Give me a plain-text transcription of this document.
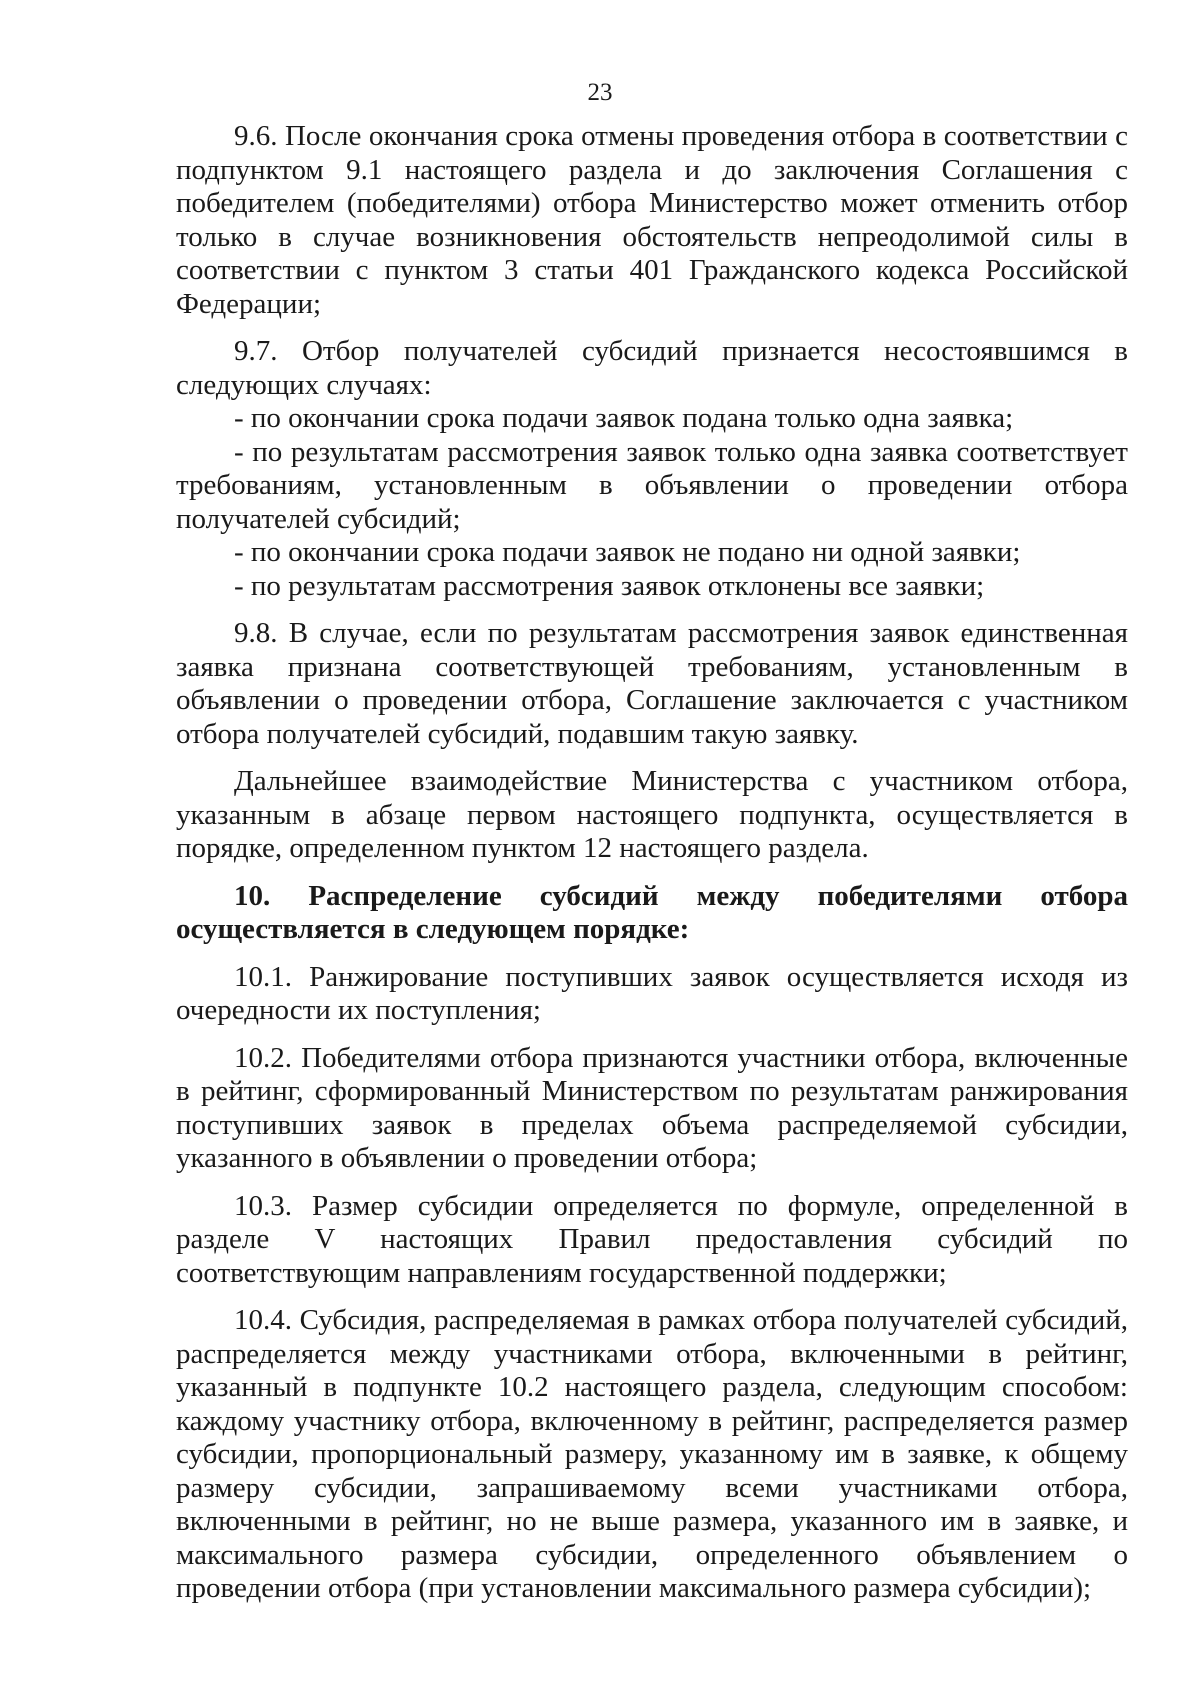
23

9.6. После окончания срока отмены проведения отбора в соответствии с подпунктом 9.1 настоящего раздела и до заключения Соглашения с победителем (победителями) отбора Министерство может отменить отбор только в случае возникновения обстоятельств непреодолимой силы в соответствии с пунктом 3 статьи 401 Гражданского кодекса Российской Федерации;

9.7. Отбор получателей субсидий признается несостоявшимся в следующих случаях:

- по окончании срока подачи заявок подана только одна заявка;

- по результатам рассмотрения заявок только одна заявка соответствует требованиям, установленным в объявлении о проведении отбора получателей субсидий;

- по окончании срока подачи заявок не подано ни одной заявки;

- по результатам рассмотрения заявок отклонены все заявки;

9.8. В случае, если по результатам рассмотрения заявок единственная заявка признана соответствующей требованиям, установленным в объявлении о проведении отбора, Соглашение заключается с участником отбора получателей субсидий, подавшим такую заявку.

Дальнейшее взаимодействие Министерства с участником отбора, указанным в абзаце первом настоящего подпункта, осуществляется в порядке, определенном пунктом 12 настоящего раздела.

10. Распределение субсидий между победителями отбора осуществляется в следующем порядке:

10.1. Ранжирование поступивших заявок осуществляется исходя из очередности их поступления;

10.2. Победителями отбора признаются участники отбора, включенные в рейтинг, сформированный Министерством по результатам ранжирования поступивших заявок в пределах объема распределяемой субсидии, указанного в объявлении о проведении отбора;

10.3. Размер субсидии определяется по формуле, определенной в разделе V настоящих Правил предоставления субсидий по соответствующим направлениям государственной поддержки;

10.4. Субсидия, распределяемая в рамках отбора получателей субсидий, распределяется между участниками отбора, включенными в рейтинг, указанный в подпункте 10.2 настоящего раздела, следующим способом: каждому участнику отбора, включенному в рейтинг, распределяется размер субсидии, пропорциональный размеру, указанному им в заявке, к общему размеру субсидии, запрашиваемому всеми участниками отбора, включенными в рейтинг, но не выше размера, указанного им в заявке, и максимального размера субсидии, определенного объявлением о проведении отбора (при установлении максимального размера субсидии);
